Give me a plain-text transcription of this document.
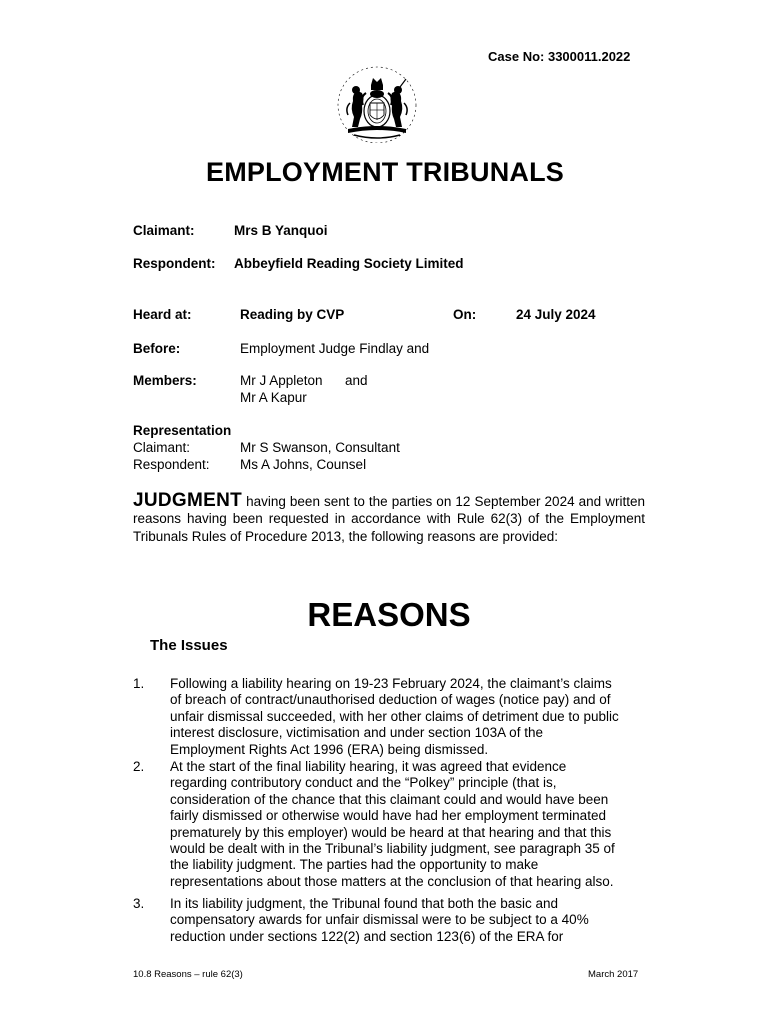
Case No: 3300011.2022
EMPLOYMENT TRIBUNALS
Claimant:	Mrs B Yanquoi
Respondent: Abbeyfield Reading Society Limited
Heard at:	Reading by CVP	On:	24 July 2024
Before:	Employment Judge Findlay and
Members:	Mr J Appleton and
Mr A Kapur
Representation
Claimant:	Mr S Swanson, Consultant
Respondent: Ms A Johns, Counsel
JUDGMENT having been sent to the parties on 12 September 2024 and written reasons having been requested in accordance with Rule 62(3) of the Employment Tribunals Rules of Procedure 2013, the following reasons are provided:
REASONS
The Issues
1. Following a liability hearing on 19-23 February 2024, the claimant’s claims
of breach of contract/unauthorised deduction of wages (notice pay) and of
unfair dismissal succeeded, with her other claims of detriment due to public
interest disclosure, victimisation and under section 103A of the
Employment Rights Act 1996 (ERA) being dismissed.
2. At the start of the final liability hearing, it was agreed that evidence
regarding contributory conduct and the “Polkey” principle (that is,
consideration of the chance that this claimant could and would have been
fairly dismissed or otherwise would have had her employment terminated
prematurely by this employer) would be heard at that hearing and that this
would be dealt with in the Tribunal’s liability judgment, see paragraph 35 of
the liability judgment. The parties had the opportunity to make
representations about those matters at the conclusion of that hearing also.
3. In its liability judgment, the Tribunal found that both the basic and
compensatory awards for unfair dismissal were to be subject to a 40%
reduction under sections 122(2) and section 123(6) of the ERA for
10.8 Reasons – rule 62(3)	March 2017
